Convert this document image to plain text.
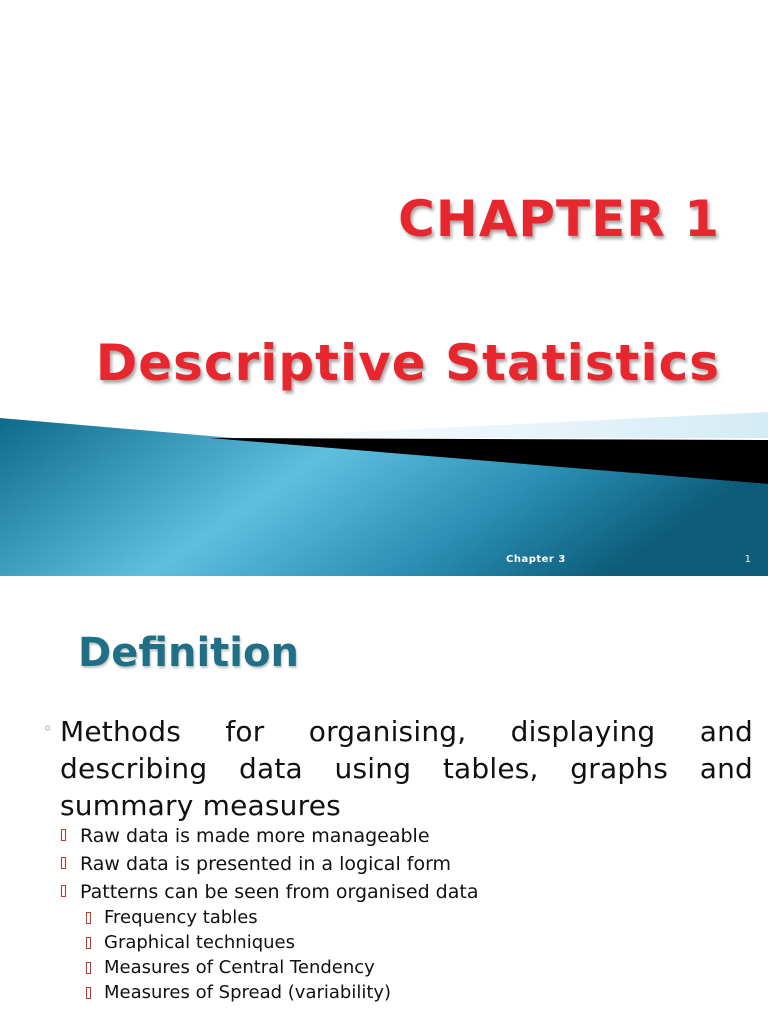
CHAPTER 1
Descriptive Statistics
Chapter 3	1
Definition
◦ Methods for organising, displaying and describing data using tables, graphs and summary measures

Raw data is made more manageable
Raw data is presented in a logical form
Patterns can be seen from organised data
Frequency tables
Graphical techniques
Measures of Central Tendency
Measures of Spread (variability)
